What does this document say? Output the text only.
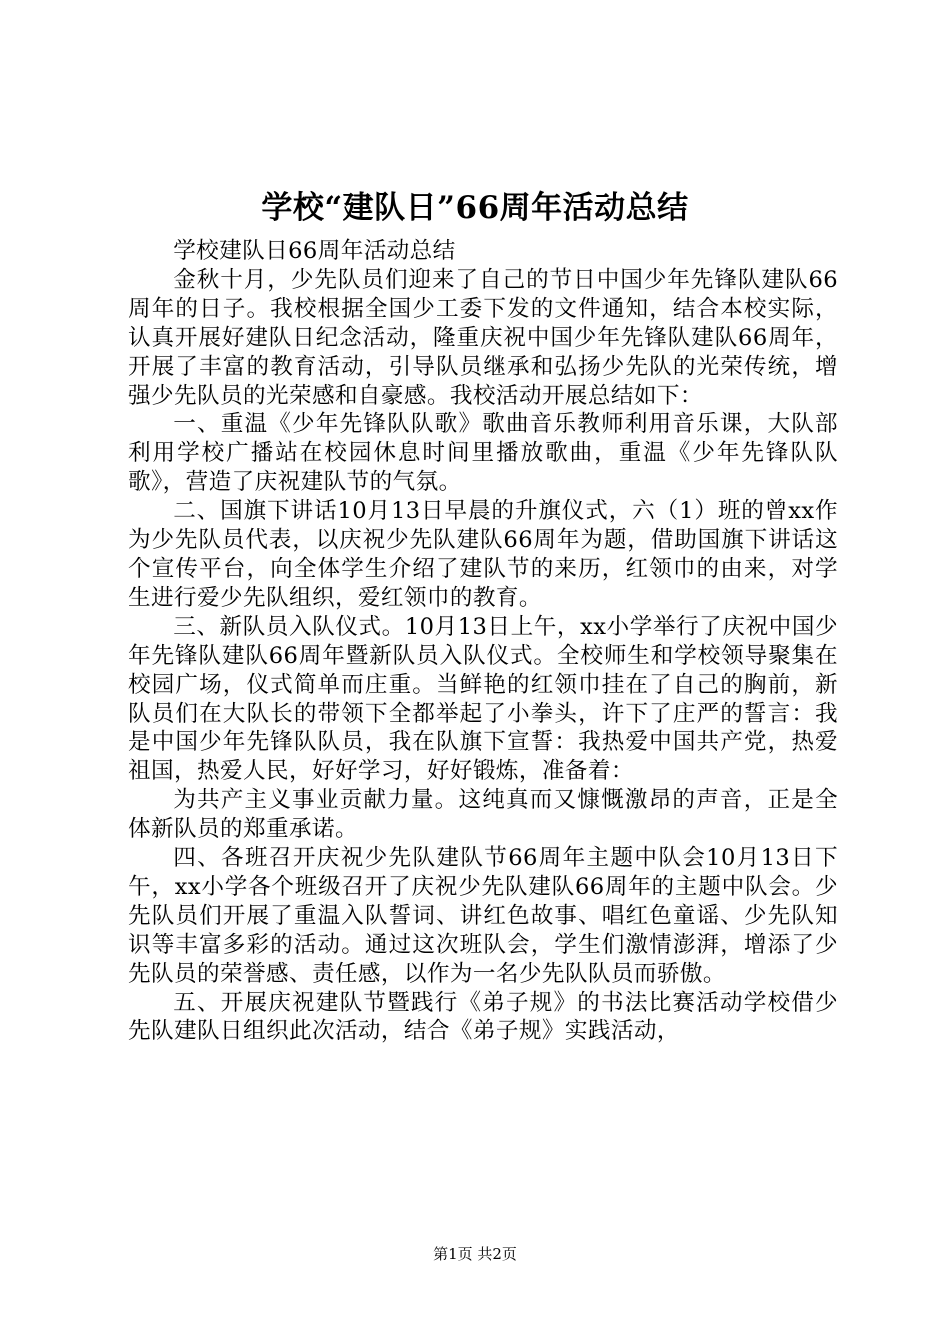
学校“建队日”66周年活动总结

学校建队日66周年活动总结

金秋十月，少先队员们迎来了自己的节日中国少年先锋队建队66周年的日子。我校根据全国少工委下发的文件通知，结合本校实际，认真开展好建队日纪念活动，隆重庆祝中国少年先锋队建队66周年，开展了丰富的教育活动，引导队员继承和弘扬少先队的光荣传统，增强少先队员的光荣感和自豪感。我校活动开展总结如下：

一、重温《少年先锋队队歌》歌曲音乐教师利用音乐课，大队部利用学校广播站在校园休息时间里播放歌曲，重温《少年先锋队队歌》，营造了庆祝建队节的气氛。

二、国旗下讲话10月13日早晨的升旗仪式，六（1）班的曾xx作为少先队员代表，以庆祝少先队建队66周年为题，借助国旗下讲话这个宣传平台，向全体学生介绍了建队节的来历，红领巾的由来，对学生进行爱少先队组织，爱红领巾的教育。

三、新队员入队仪式。10月13日上午，xx小学举行了庆祝中国少年先锋队建队66周年暨新队员入队仪式。全校师生和学校领导聚集在校园广场，仪式简单而庄重。当鲜艳的红领巾挂在了自己的胸前，新队员们在大队长的带领下全都举起了小拳头，许下了庄严的誓言：我是中国少年先锋队队员，我在队旗下宣誓：我热爱中国共产党，热爱祖国，热爱人民，好好学习，好好锻炼，准备着：

为共产主义事业贡献力量。这纯真而又慷慨激昂的声音，正是全体新队员的郑重承诺。

四、各班召开庆祝少先队建队节66周年主题中队会10月13日下午，xx小学各个班级召开了庆祝少先队建队66周年的主题中队会。少先队员们开展了重温入队誓词、讲红色故事、唱红色童谣、少先队知识等丰富多彩的活动。通过这次班队会，学生们激情澎湃，增添了少先队员的荣誉感、责任感，以作为一名少先队队员而骄傲。

五、开展庆祝建队节暨践行《弟子规》的书法比赛活动学校借少先队建队日组织此次活动，结合《弟子规》实践活动，

第1页 共2页
